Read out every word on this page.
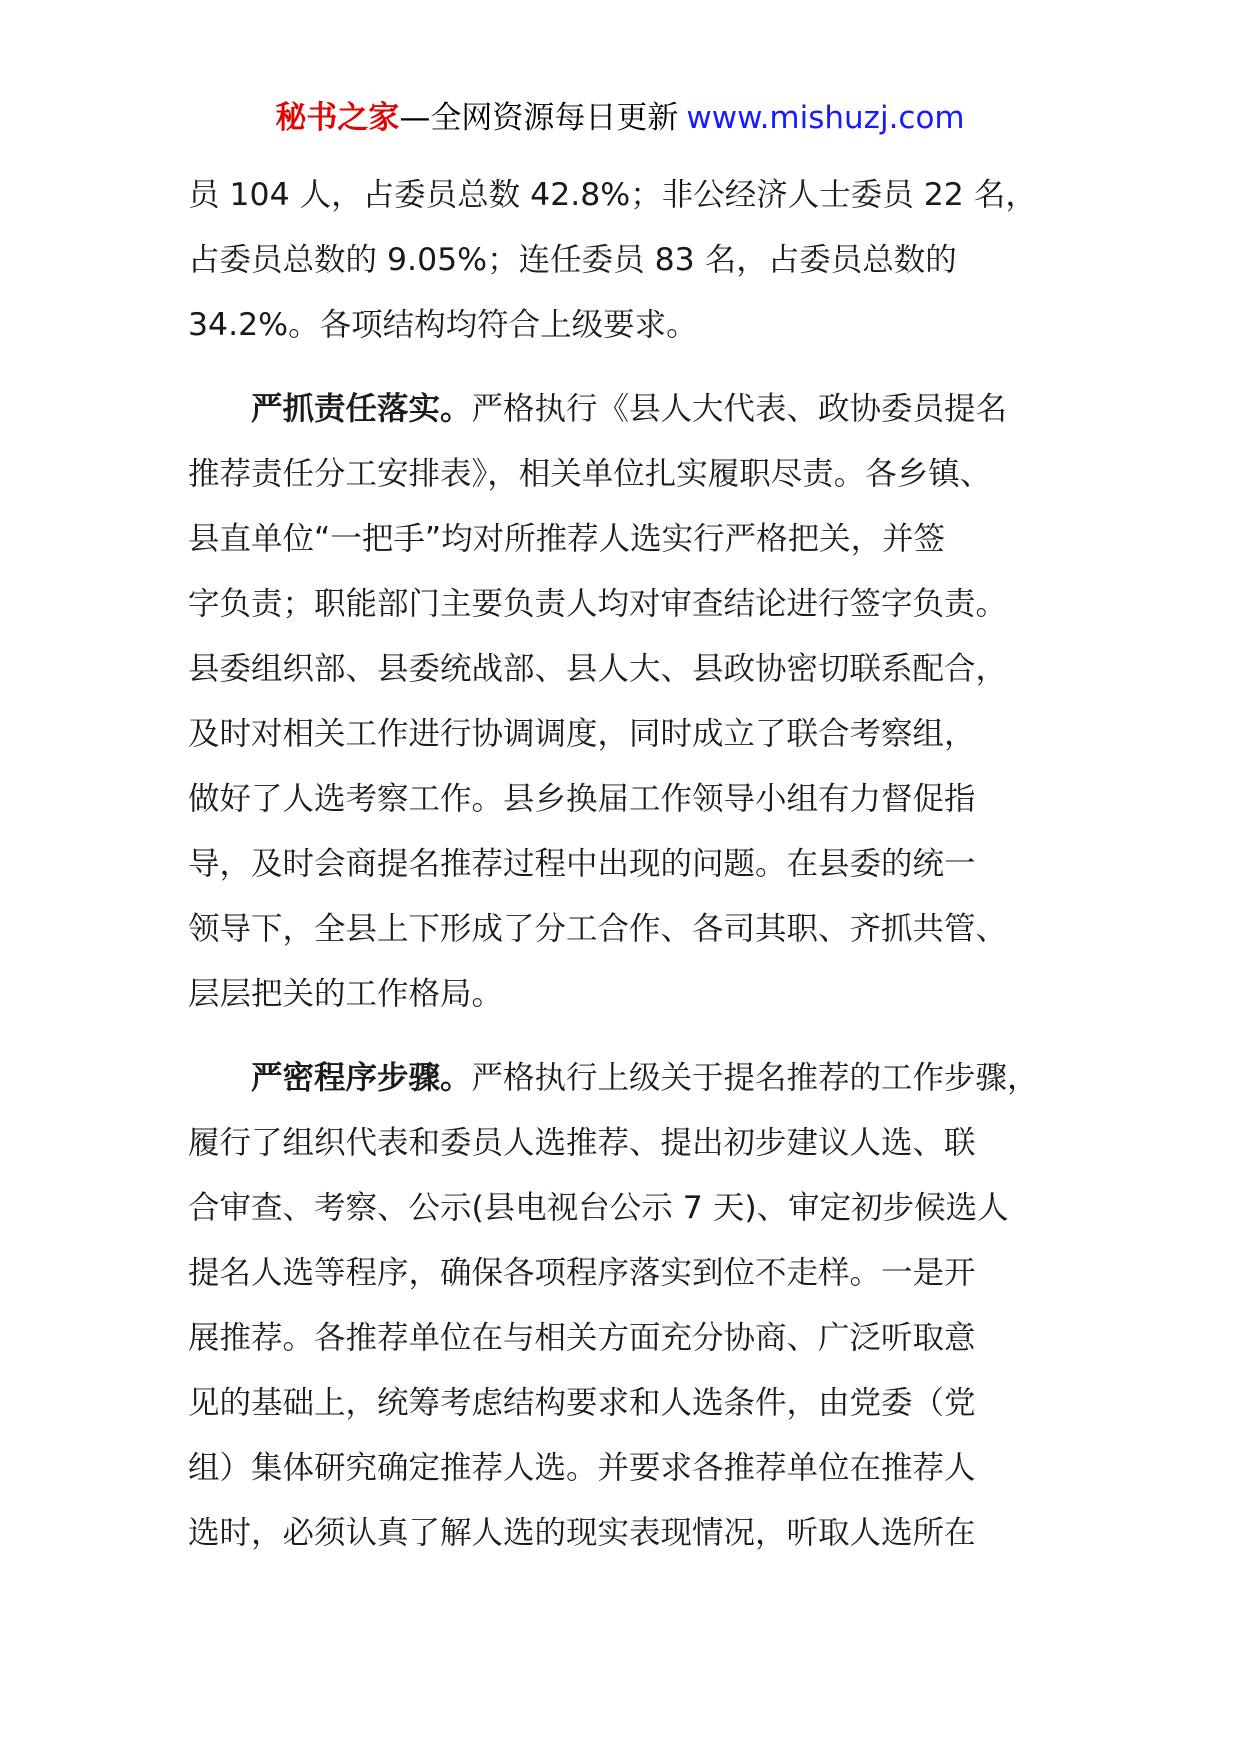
秘书之家—全网资源每日更新 www.mishuzj.com

员 104 人，占委员总数 42.8%；非公经济人士委员 22 名，
占委员总数的 9.05%；连任委员 83 名，占委员总数的
34.2%。各项结构均符合上级要求。

严抓责任落实。严格执行《县人大代表、政协委员提名
推荐责任分工安排表》，相关单位扎实履职尽责。各乡镇、
县直单位“一把手”均对所推荐人选实行严格把关，并签
字负责；职能部门主要负责人均对审查结论进行签字负责。
县委组织部、县委统战部、县人大、县政协密切联系配合，
及时对相关工作进行协调调度，同时成立了联合考察组，
做好了人选考察工作。县乡换届工作领导小组有力督促指
导，及时会商提名推荐过程中出现的问题。在县委的统一
领导下，全县上下形成了分工合作、各司其职、齐抓共管、
层层把关的工作格局。

严密程序步骤。严格执行上级关于提名推荐的工作步骤，
履行了组织代表和委员人选推荐、提出初步建议人选、联
合审查、考察、公示(县电视台公示 7 天)、审定初步候选人
提名人选等程序，确保各项程序落实到位不走样。一是开
展推荐。各推荐单位在与相关方面充分协商、广泛听取意
见的基础上，统筹考虑结构要求和人选条件，由党委（党
组）集体研究确定推荐人选。并要求各推荐单位在推荐人
选时，必须认真了解人选的现实表现情况，听取人选所在
